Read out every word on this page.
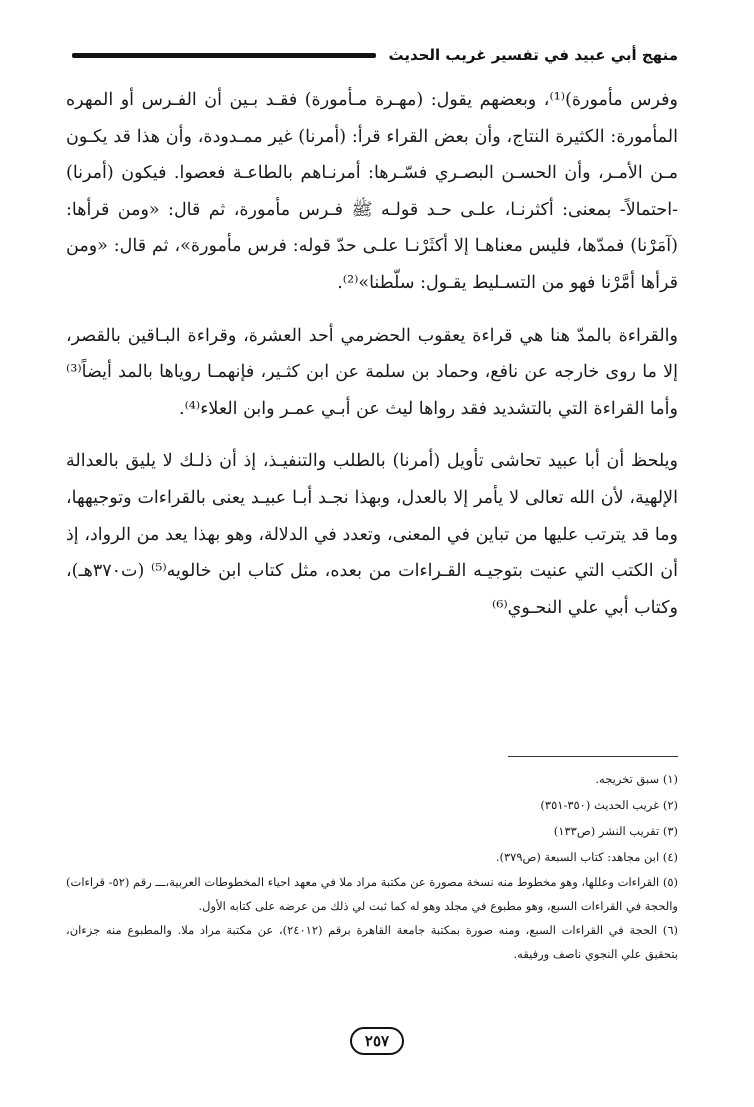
منهج أبي عبيد في تفسير غريب الحديث

وفرس مأمورة)⁽¹⁾، وبعضهم يقول: (مهـرة مـأمورة) فقـد بـين أن الفـرس أو المهره المأمورة: الكثيرة النتاج، وأن بعض القراء قرأ: (أمرنا) غير ممـدودة، وأن هذا قد يكـون مـن الأمـر، وأن الحسـن البصـري فسّـرها: أمرنـاهم بالطاعـة فعصوا. فيكون (أمرنا) -احتمالاً- بمعنى: أكثرنـا، علـى حـد قولـه ﷺ فـرس مأمورة، ثم قال: «ومن قرأها: (آمَرْنا) فمدّها، فليس معناهـا إلا أكثَرْنـا علـى حدّ قوله: فرس مأمورة»، ثم قال: «ومن قرأها أمَّرْنا فهو من التسـليط يقـول: سلّطنا»⁽²⁾.

والقراءة بالمدّ هنا هي قراءة يعقوب الحضرمي أحد العشرة، وقراءة البـاقين بالقصر، إلا ما روى خارجه عن نافع، وحماد بن سلمة عن ابن كثـير، فإنهمـا روياها بالمد أيضاً⁽³⁾ وأما القراءة التي بالتشديد فقد رواها ليث عن أبـي عمـر وابن العلاء⁽⁴⁾.

ويلحظ أن أبا عبيد تحاشى تأويل (أمرنا) بالطلب والتنفيـذ، إذ أن ذلـك لا يليق بالعدالة الإلهية، لأن الله تعالى لا يأمر إلا بالعدل، وبهذا نجـد أبـا عبيـد يعنى بالقراءات وتوجيهها، وما قد يترتب عليها من تباين في المعنى، وتعدد في الدلالة، وهو بهذا يعد من الرواد، إذ أن الكتب التي عنيت بتوجيـه القـراءات من بعده، مثل كتاب ابن خالويه⁽⁵⁾ (ت٣٧٠هـ)، وكتاب أبي علي النحـوي⁽⁶⁾

(١) سبق تخريجه.
(٢) غريب الحديث (٣٥٠-٣٥١)
(٣) تقريب النشر (ص١٣٣)
(٤) ابن مجاهد: كتاب السبعة (ص٣٧٩).
(٥) القراءات وعللها، وهو مخطوط منه نسخة مصورة عن مكتبة مراد ملا في معهد احياء المخطوطات العربية،ـــ رقم (٥٢- قراءات) والحجة في القراءات السبع، وهو مطبوع في مجلد وهو له كما ثبت لي ذلك من عرضه على كتابه الأول.
(٦) الحجة في القراءات السبع، ومنه صورة بمكتبة جامعة القاهرة برقم (٢٤٠١٢)، عن مكتبة مراد ملا. والمطبوع منه جزءان، بتحقيق علي النجوي ناصف ورفيقه.
٢٥٧
